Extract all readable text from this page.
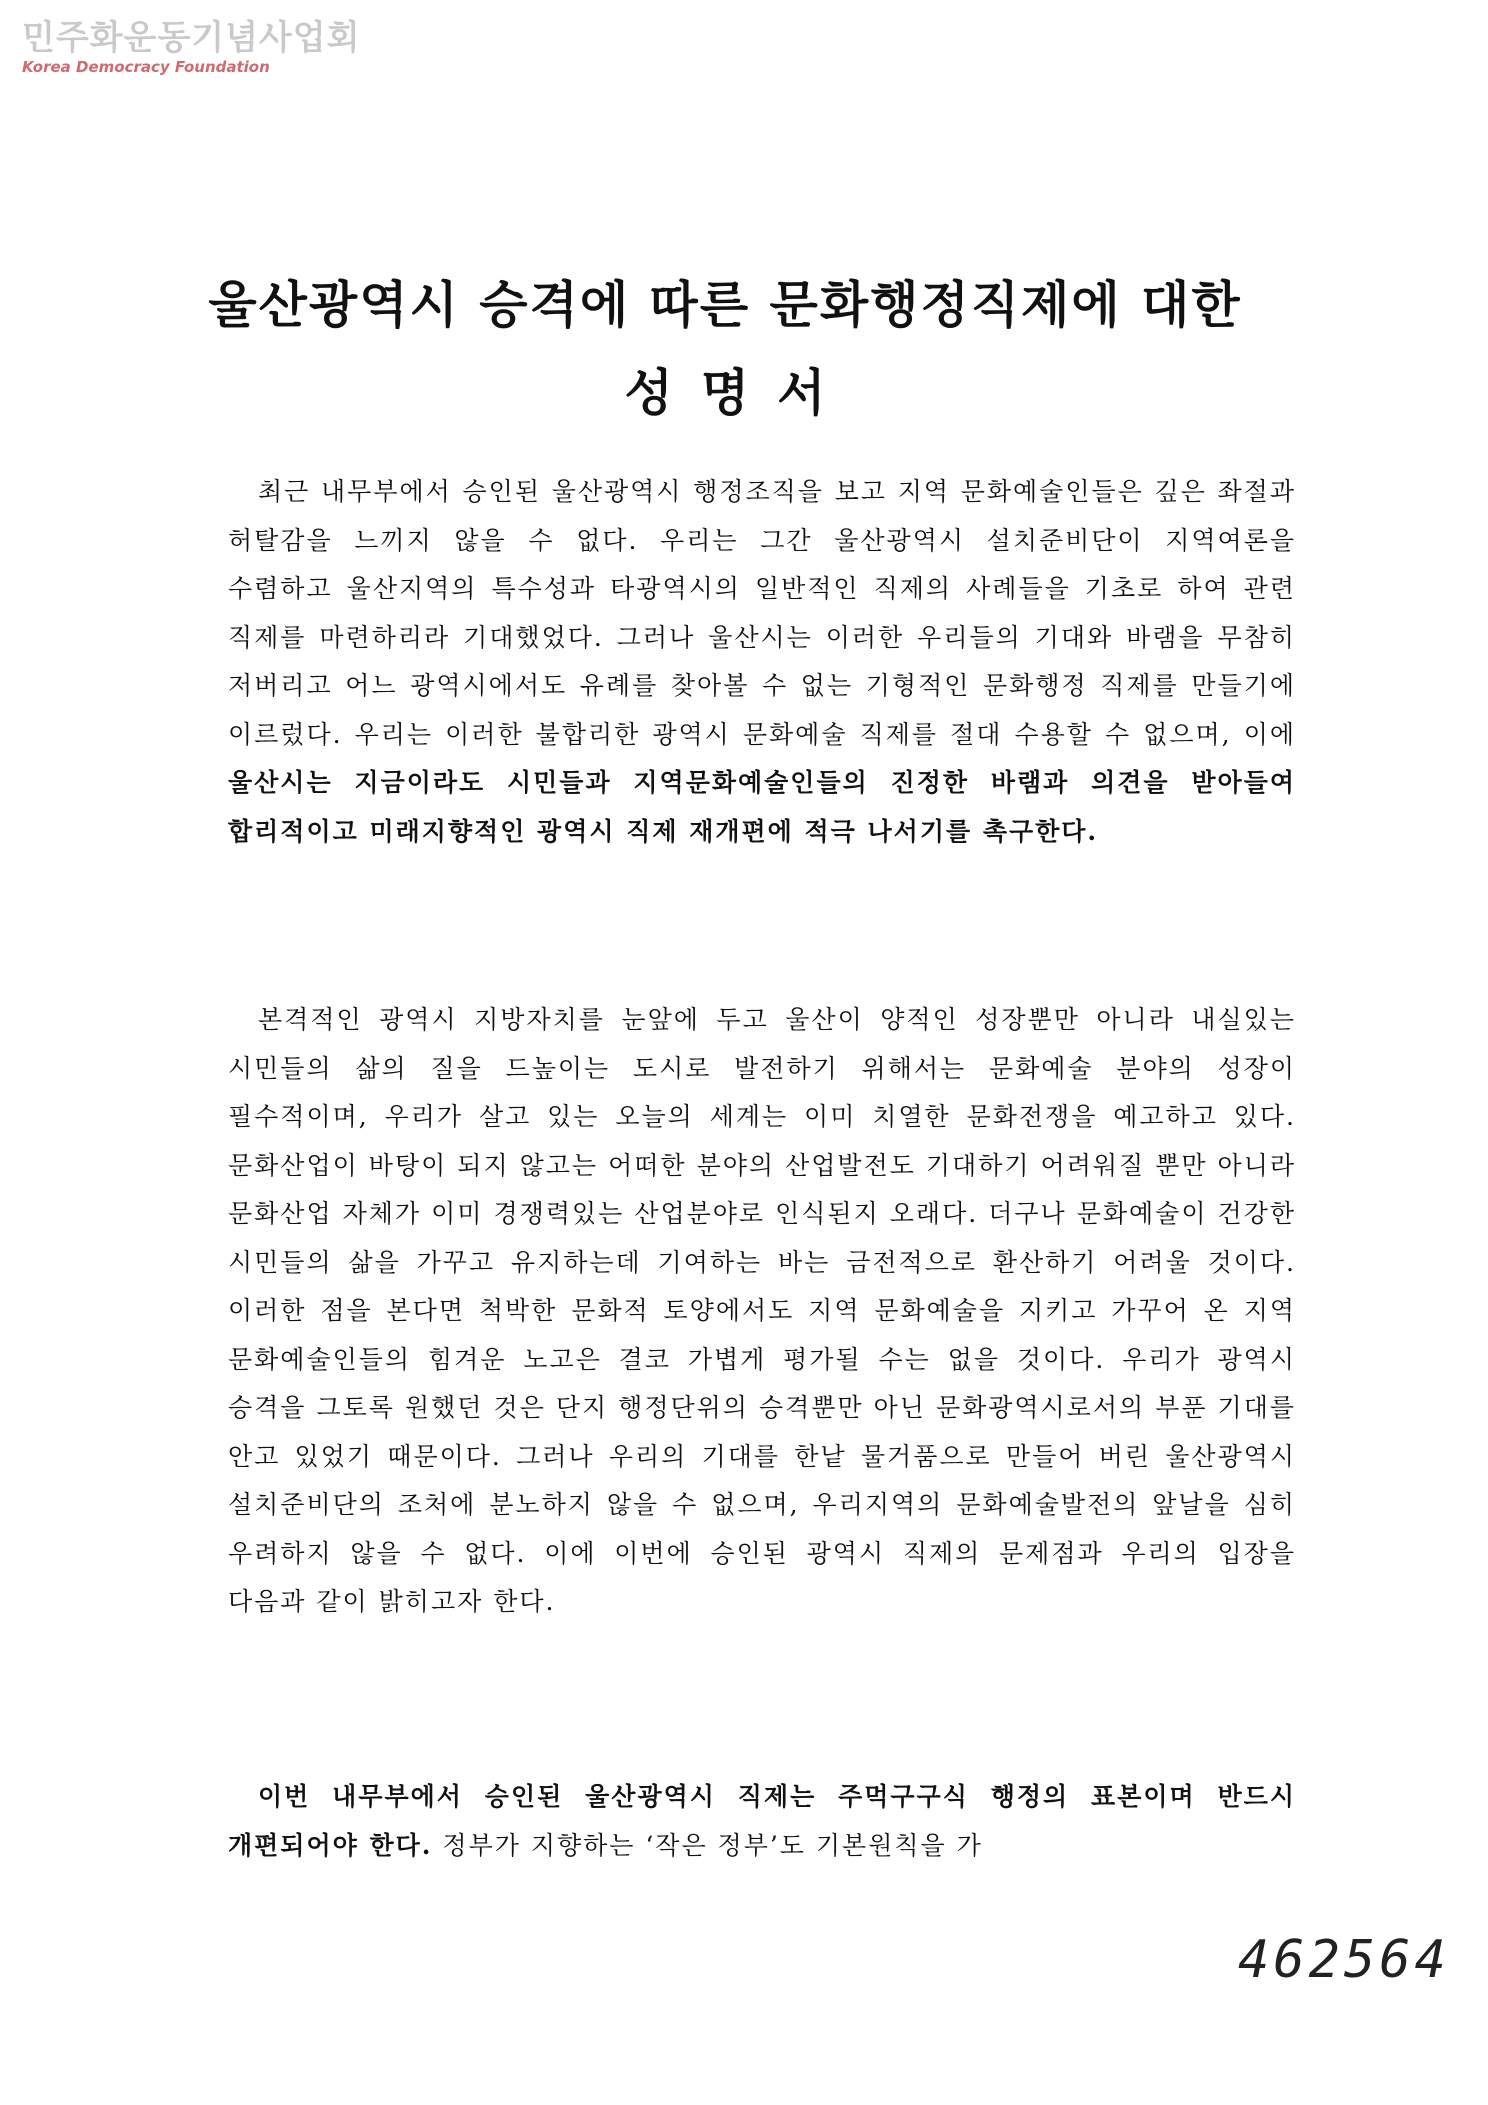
민주화운동기념사업회
Korea Democracy Foundation
울산광역시 승격에 따른 문화행정직제에 대한
성명서

최근 내무부에서 승인된 울산광역시 행정조직을 보고 지역 문화예술인들은 깊은 좌절과 허탈감을 느끼지 않을 수 없다. 우리는 그간 울산광역시 설치준비단이 지역여론을 수렴하고 울산지역의 특수성과 타광역시의 일반적인 직제의 사례들을 기초로 하여 관련 직제를 마련하리라 기대했었다. 그러나 울산시는 이러한 우리들의 기대와 바램을 무참히 저버리고 어느 광역시에서도 유례를 찾아볼 수 없는 기형적인 문화행정 직제를 만들기에 이르렀다. 우리는 이러한 불합리한 광역시 문화예술 직제를 절대 수용할 수 없으며, 이에 울산시는 지금이라도 시민들과 지역문화예술인들의 진정한 바램과 의견을 받아들여 합리적이고 미래지향적인 광역시 직제 재개편에 적극 나서기를 촉구한다.

본격적인 광역시 지방자치를 눈앞에 두고 울산이 양적인 성장뿐만 아니라 내실있는 시민들의 삶의 질을 드높이는 도시로 발전하기 위해서는 문화예술 분야의 성장이 필수적이며, 우리가 살고 있는 오늘의 세계는 이미 치열한 문화전쟁을 예고하고 있다. 문화산업이 바탕이 되지 않고는 어떠한 분야의 산업발전도 기대하기 어려워질 뿐만 아니라 문화산업 자체가 이미 경쟁력있는 산업분야로 인식된지 오래다. 더구나 문화예술이 건강한 시민들의 삶을 가꾸고 유지하는데 기여하는 바는 금전적으로 환산하기 어려울 것이다. 이러한 점을 본다면 척박한 문화적 토양에서도 지역 문화예술을 지키고 가꾸어 온 지역 문화예술인들의 힘겨운 노고은 결코 가볍게 평가될 수는 없을 것이다. 우리가 광역시 승격을 그토록 원했던 것은 단지 행정단위의 승격뿐만 아닌 문화광역시로서의 부푼 기대를 안고 있었기 때문이다. 그러나 우리의 기대를 한낱 물거품으로 만들어 버린 울산광역시 설치준비단의 조처에 분노하지 않을 수 없으며, 우리지역의 문화예술발전의 앞날을 심히 우려하지 않을 수 없다. 이에 이번에 승인된 광역시 직제의 문제점과 우리의 입장을 다음과 같이 밝히고자 한다.

이번 내무부에서 승인된 울산광역시 직제는 주먹구구식 행정의 표본이며 반드시 개편되어야 한다. 정부가 지향하는 ‘작은 정부’도 기본원칙을 가

462564
